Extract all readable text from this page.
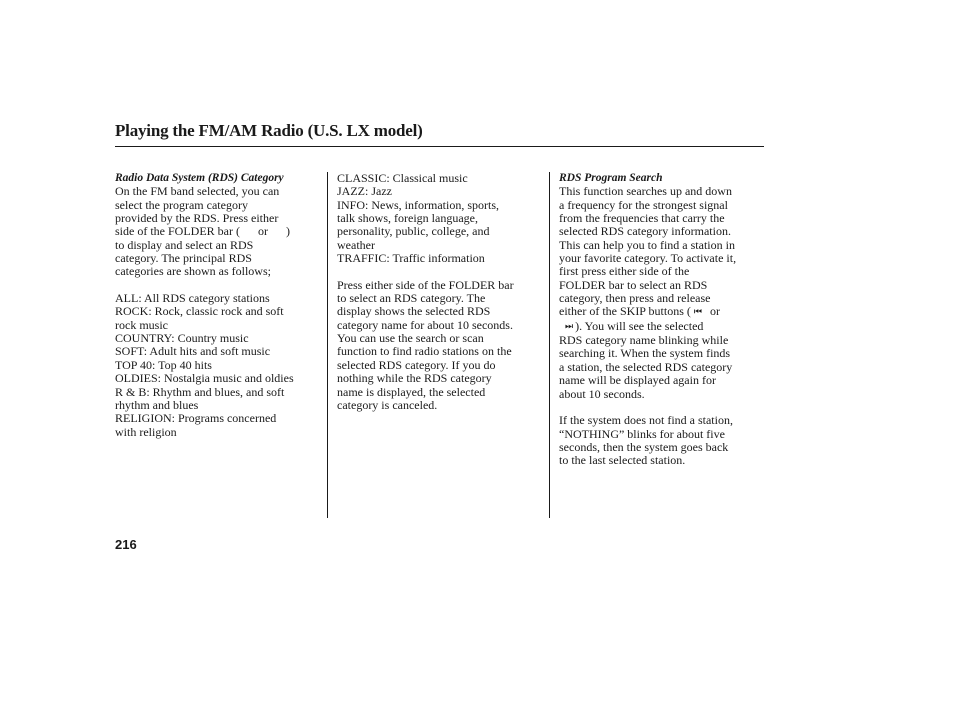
Playing the FM/AM Radio (U.S. LX model)

Radio Data System (RDS) Category

On the FM band selected, you can

select the program category

provided by the RDS. Press either

side of the FOLDER bar (      or      )

to display and select an RDS

category. The principal RDS

categories are shown as follows;

ALL: All RDS category stations

ROCK: Rock, classic rock and soft

rock music

COUNTRY: Country music

SOFT: Adult hits and soft music

TOP 40: Top 40 hits

OLDIES: Nostalgia music and oldies

R & B: Rhythm and blues, and soft

rhythm and blues

RELIGION: Programs concerned

with religion

CLASSIC: Classical music

JAZZ: Jazz

INFO: News, information, sports,

talk shows, foreign language,

personality, public, college, and

weather

TRAFFIC: Traffic information

Press either side of the FOLDER bar

to select an RDS category. The

display shows the selected RDS

category name for about 10 seconds.

You can use the search or scan

function to find radio stations on the

selected RDS category. If you do

nothing while the RDS category

name is displayed, the selected

category is canceled.

RDS Program Search

This function searches up and down

a frequency for the strongest signal

from the frequencies that carry the

selected RDS category information.

This can help you to find a station in

your favorite category. To activate it,

first press either side of the

FOLDER bar to select an RDS

category, then press and release

either of the SKIP buttons ( ⏮ or

⏭ ). You will see the selected

RDS category name blinking while

searching it. When the system finds

a station, the selected RDS category

name will be displayed again for

about 10 seconds.

If the system does not find a station,

“NOTHING” blinks for about five

seconds, then the system goes back

to the last selected station.

216
